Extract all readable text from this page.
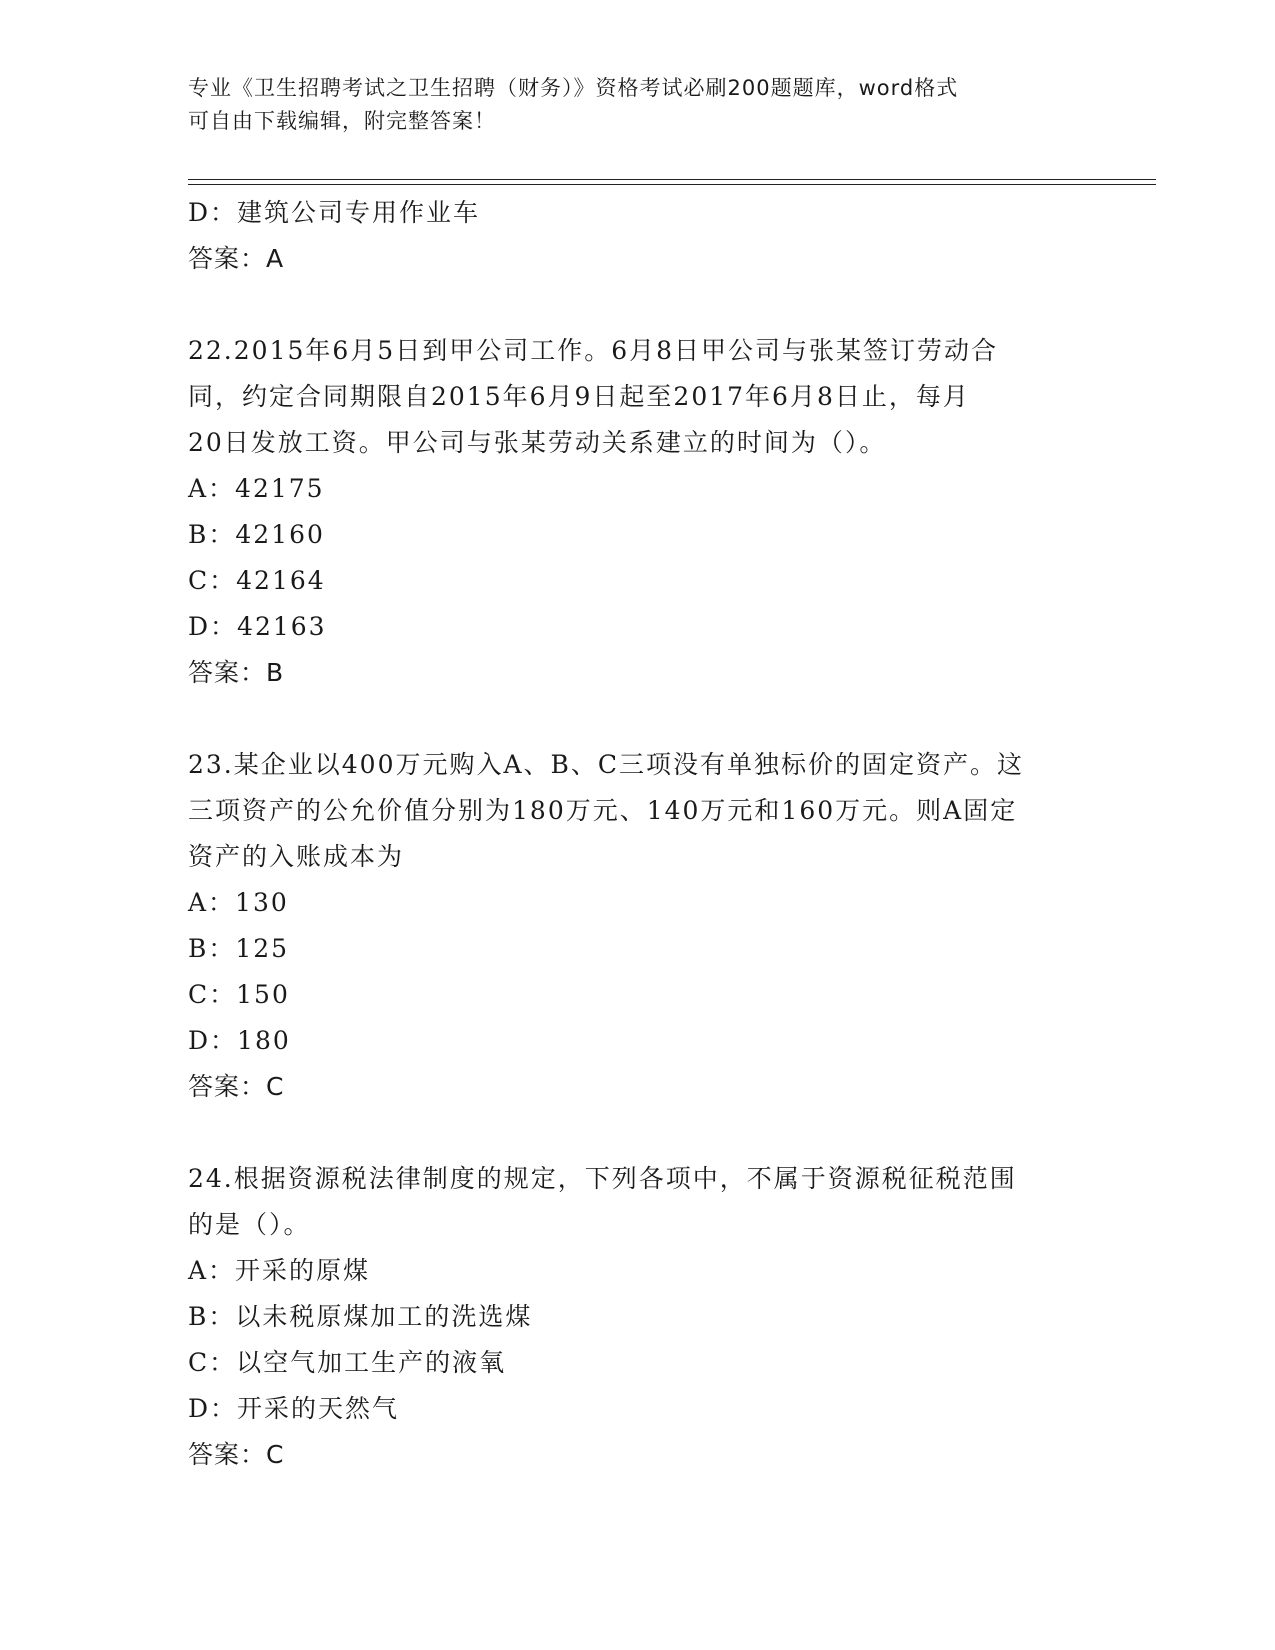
专业《卫生招聘考试之卫生招聘（财务）》资格考试必刷200题题库，word格式
可自由下载编辑，附完整答案！
D：建筑公司专用作业车
答案：A
22.2015年6月5日到甲公司工作。6月8日甲公司与张某签订劳动合
同，约定合同期限自2015年6月9日起至2017年6月8日止，每月
20日发放工资。甲公司与张某劳动关系建立的时间为（）。
A：42175
B：42160
C：42164
D：42163
答案：B
23.某企业以400万元购入A、B、C三项没有单独标价的固定资产。这
三项资产的公允价值分别为180万元、140万元和160万元。则A固定
资产的入账成本为
A：130
B：125
C：150
D：180
答案：C
24.根据资源税法律制度的规定，下列各项中，不属于资源税征税范围
的是（）。
A：开采的原煤
B：以未税原煤加工的洗选煤
C：以空气加工生产的液氧
D：开采的天然气
答案：C
